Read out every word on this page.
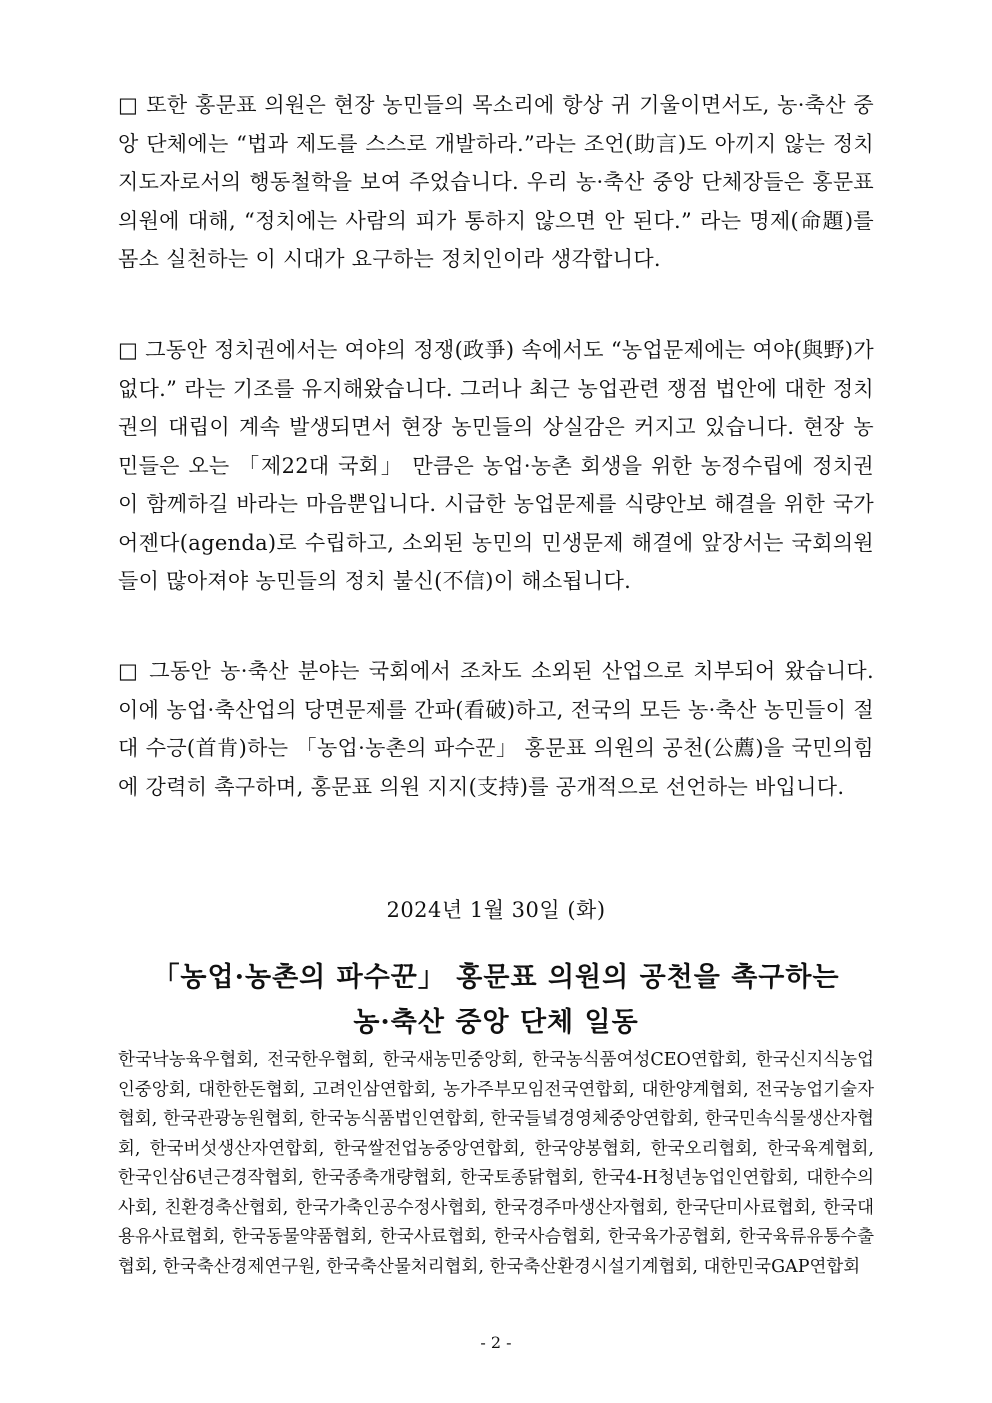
□ 또한 홍문표 의원은 현장 농민들의 목소리에 항상 귀 기울이면서도, 농·축산 중앙 단체에는 “법과 제도를 스스로 개발하라.”라는 조언(助言)도 아끼지 않는 정치 지도자로서의 행동철학을 보여 주었습니다. 우리 농·축산 중앙 단체장들은 홍문표 의원에 대해, “정치에는 사람의 피가 통하지 않으면 안 된다.” 라는 명제(命題)를 몸소 실천하는 이 시대가 요구하는 정치인이라 생각합니다.

□ 그동안 정치권에서는 여야의 정쟁(政爭) 속에서도 “농업문제에는 여야(與野)가 없다.” 라는 기조를 유지해왔습니다. 그러나 최근 농업관련 쟁점 법안에 대한 정치권의 대립이 계속 발생되면서 현장 농민들의 상실감은 커지고 있습니다. 현장 농민들은 오는 「제22대 국회」 만큼은 농업·농촌 회생을 위한 농정수립에 정치권이 함께하길 바라는 마음뿐입니다. 시급한 농업문제를 식량안보 해결을 위한 국가 어젠다(agenda)로 수립하고, 소외된 농민의 민생문제 해결에 앞장서는 국회의원들이 많아져야 농민들의 정치 불신(不信)이 해소됩니다.

□ 그동안 농·축산 분야는 국회에서 조차도 소외된 산업으로 치부되어 왔습니다. 이에 농업·축산업의 당면문제를 간파(看破)하고, 전국의 모든 농·축산 농민들이 절대 수긍(首肯)하는 「농업·농촌의 파수꾼」 홍문표 의원의 공천(公薦)을 국민의힘에 강력히 촉구하며, 홍문표 의원 지지(支持)를 공개적으로 선언하는 바입니다.

2024년 1월 30일 (화)

「농업·농촌의 파수꾼」 홍문표 의원의 공천을 촉구하는

농·축산 중앙 단체 일동

한국낙농육우협회, 전국한우협회, 한국새농민중앙회, 한국농식품여성CEO연합회, 한국신지식농업인중앙회, 대한한돈협회, 고려인삼연합회, 농가주부모임전국연합회, 대한양계협회, 전국농업기술자협회, 한국관광농원협회, 한국농식품법인연합회, 한국들녘경영체중앙연합회, 한국민속식물생산자협회, 한국버섯생산자연합회, 한국쌀전업농중앙연합회, 한국양봉협회, 한국오리협회, 한국육계협회, 한국인삼6년근경작협회, 한국종축개량협회, 한국토종닭협회, 한국4-H청년농업인연합회, 대한수의사회, 친환경축산협회, 한국가축인공수정사협회, 한국경주마생산자협회, 한국단미사료협회, 한국대용유사료협회, 한국동물약품협회, 한국사료협회, 한국사슴협회, 한국육가공협회, 한국육류유통수출협회, 한국축산경제연구원, 한국축산물처리협회, 한국축산환경시설기계협회, 대한민국GAP연합회

- 2 -
